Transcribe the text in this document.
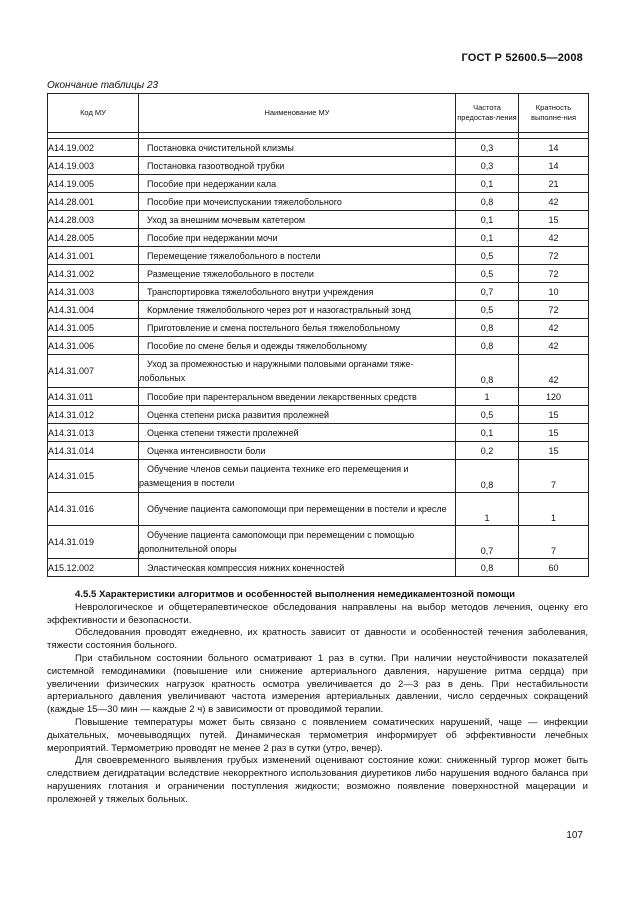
ГОСТ Р 52600.5—2008
Окончание таблицы 23
Код МУ	Наименование МУ	Частота предостав-ления	Кратность выполне-ния

A14.19.002	Постановка очистительной клизмы	0,3	14
A14.19.003	Постановка газоотводной трубки	0,3	14
A14.19.005	Пособие при недержании кала	0,1	21
A14.28.001	Пособие при мочеиспускании тяжелобольного	0,8	42
A14.28.003	Уход за внешним мочевым катетером	0,1	15
A14.28.005	Пособие при недержании мочи	0,1	42
A14.31.001	Перемещение тяжелобольного в постели	0,5	72
A14.31.002	Размещение тяжелобольного в постели	0,5	72
A14.31.003	Транспортировка тяжелобольного внутри учреждения	0,7	10
A14.31.004	Кормление тяжелобольного через рот и назогастральный зонд	0,5	72
A14.31.005	Приготовление и смена постельного белья тяжелобольному	0,8	42
A14.31.006	Пособие по смене белья и одежды тяжелобольному	0,8	42
A14.31.007	Уход за промежностью и наружными половыми органами тяже-лобольных	0,8	42
A14.31.011	Пособие при парентеральном введении лекарственных средств	1	120
A14.31.012	Оценка степени риска развития пролежней	0,5	15
A14.31.013	Оценка степени тяжести пролежней	0,1	15
A14.31.014	Оценка интенсивности боли	0,2	15
A14.31.015	Обучение членов семьи пациента технике его перемещения и размещения в постели	0,8	7
A14.31.016	Обучение пациента самопомощи при перемещении в постели и кресле	1	1
A14.31.019	Обучение пациента самопомощи при перемещении с помощью дополнительной опоры	0,7	7
A15.12.002	Эластическая компрессия нижних конечностей	0,8	60

4.5.5 Характеристики алгоритмов и особенностей выполнения немедикаментозной помощи

Неврологическое и общетерапевтическое обследования направлены на выбор методов лечения, оценку его эффективности и безопасности.

Обследования проводят ежедневно, их кратность зависит от давности и особенностей течения заболевания, тяжести состояния больного.

При стабильном состоянии больного осматривают 1 раз в сутки. При наличии неустойчивости показателей системной гемодинамики (повышение или снижение артериального давления, нарушение ритма сердца) при увеличении физических нагрузок кратность осмотра увеличивается до 2—3 раз в день. При нестабильности артериального давления увеличивают частота измерения артериальных давлении, число сердечных сокращений (каждые 15—30 мин — каждые 2 ч) в зависимости от проводимой терапии.

Повышение температуры может быть связано с появлением соматических нарушений, чаще — инфекции дыхательных, мочевыводящих путей. Динамическая термометрия информирует об эффективности лечебных мероприятий. Термометрию проводят не менее 2 раз в сутки (утро, вечер).

Для своевременного выявления грубых изменений оценивают состояние кожи: сниженный тургор может быть следствием дегидратации вследствие некорректного использования диуретиков либо нарушения водного баланса при нарушениях глотания и ограничении поступления жидкости; возможно появление поверхностной мацерации и пролежней у тяжелых больных.

107
